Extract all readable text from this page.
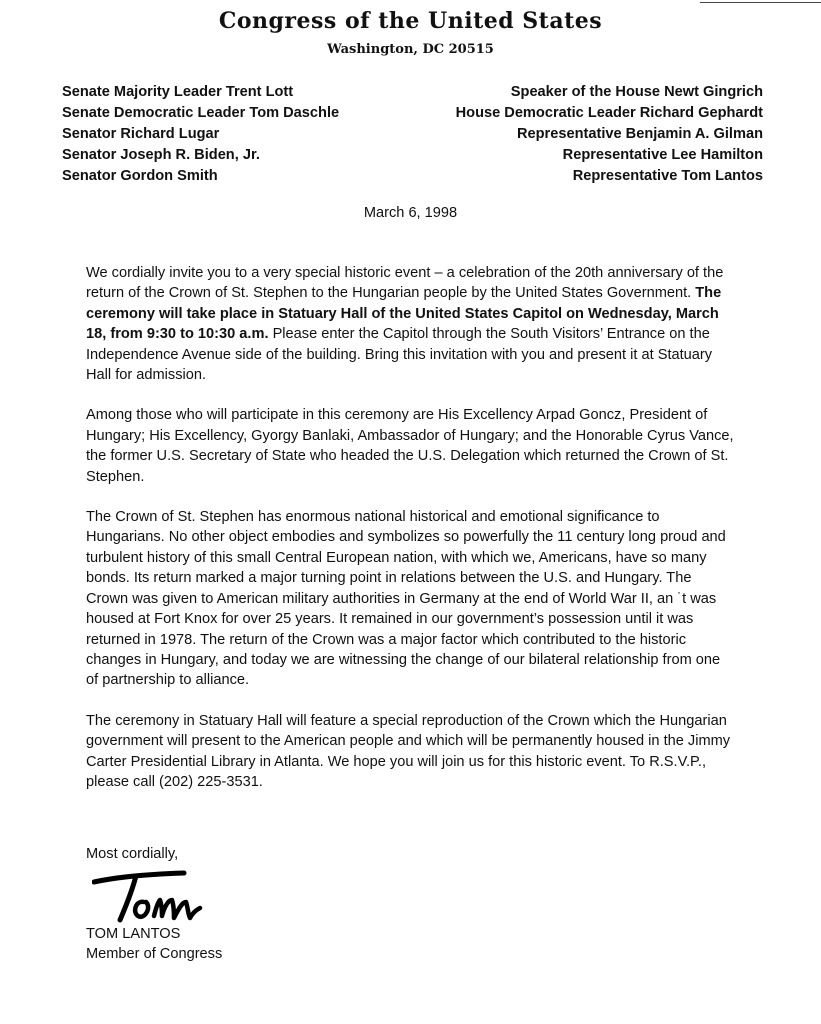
Congress of the United States
Washington, DC 20515
Senate Majority Leader Trent Lott
Senate Democratic Leader Tom Daschle
Senator Richard Lugar
Senator Joseph R. Biden, Jr.
Senator Gordon Smith
Speaker of the House Newt Gingrich
House Democratic Leader Richard Gephardt
Representative Benjamin A. Gilman
Representative Lee Hamilton
Representative Tom Lantos
March 6, 1998

We cordially invite you to a very special historic event – a celebration of the 20th anniversary of the return of the Crown of St. Stephen to the Hungarian people by the United States Government. The ceremony will take place in Statuary Hall of the United States Capitol on Wednesday, March 18, from 9:30 to 10:30 a.m. Please enter the Capitol through the South Visitors’ Entrance on the Independence Avenue side of the building. Bring this invitation with you and present it at Statuary Hall for admission.

Among those who will participate in this ceremony are His Excellency Arpad Goncz, President of Hungary; His Excellency, Gyorgy Banlaki, Ambassador of Hungary; and the Honorable Cyrus Vance, the former U.S. Secretary of State who headed the U.S. Delegation which returned the Crown of St. Stephen.

The Crown of St. Stephen has enormous national historical and emotional significance to Hungarians. No other object embodies and symbolizes so powerfully the 11 century long proud and turbulent history of this small Central European nation, with which we, Americans, have so many bonds. Its return marked a major turning point in relations between the U.S. and Hungary. The Crown was given to American military authorities in Germany at the end of World War II, an ˙t was housed at Fort Knox for over 25 years. It remained in our government’s possession until it was returned in 1978. The return of the Crown was a major factor which contributed to the historic changes in Hungary, and today we are witnessing the change of our bilateral relationship from one of partnership to alliance.

The ceremony in Statuary Hall will feature a special reproduction of the Crown which the Hungarian government will present to the American people and which will be permanently housed in the Jimmy Carter Presidential Library in Atlanta. We hope you will join us for this historic event. To R.S.V.P., please call (202) 225-3531.

Most cordially,
TOM LANTOS
Member of Congress
